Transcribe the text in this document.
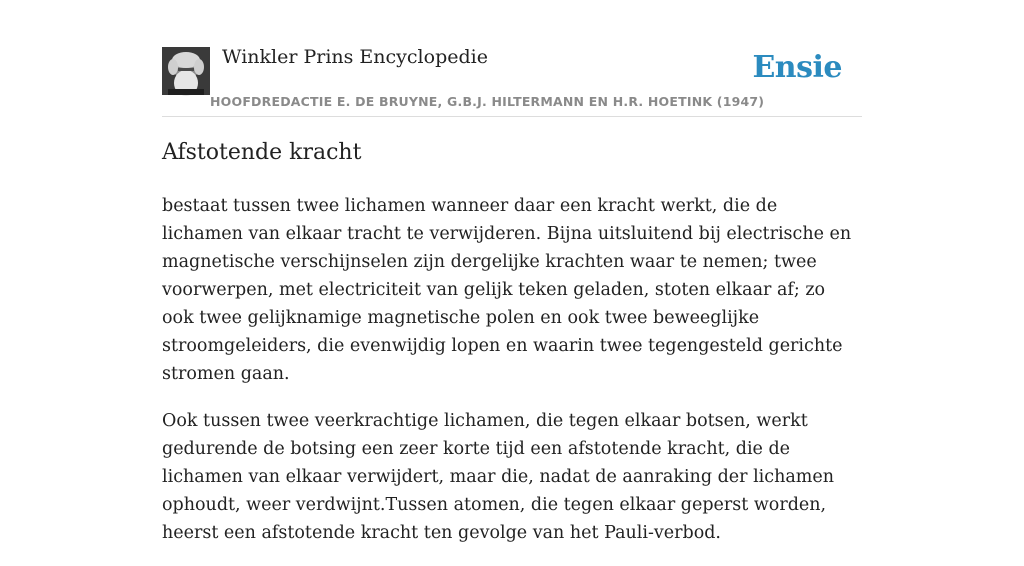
Winkler Prins Encyclopedie
HOOFDREDACTIE E. DE BRUYNE, G.B.J. HILTERMANN EN H.R. HOETINK (1947)
Ensie
Afstotende kracht

bestaat tussen twee lichamen wanneer daar een kracht werkt, die de lichamen van elkaar tracht te verwijderen. Bijna uitsluitend bij electrische en magnetische verschijnselen zijn dergelijke krachten waar te nemen; twee voorwerpen, met electriciteit van gelijk teken geladen, stoten elkaar af; zo ook twee gelijknamige magnetische polen en ook twee beweeglijke stroomgeleiders, die evenwijdig lopen en waarin twee tegengesteld gerichte stromen gaan.

Ook tussen twee veerkrachtige lichamen, die tegen elkaar botsen, werkt gedurende de botsing een zeer korte tijd een afstotende kracht, die de lichamen van elkaar verwijdert, maar die, nadat de aanraking der lichamen ophoudt, weer verdwijnt.Tussen atomen, die tegen elkaar geperst worden, heerst een afstotende kracht ten gevolge van het Pauli-verbod.
